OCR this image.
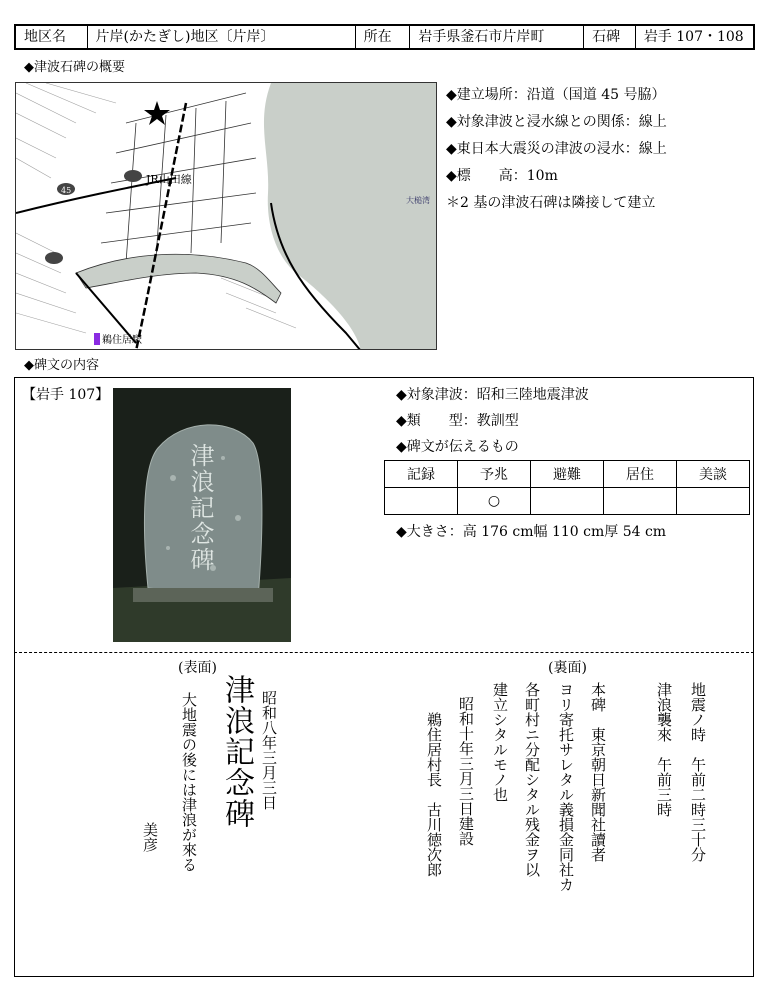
地区名	片岸(かたぎし)地区〔片岸〕	所在	岩手県釜石市片岸町	石碑	岩手 107・108
◆津波石碑の概要
JR山田線
鵜住居駅
大槌湾
45
◆建立場所：沿道（国道 45 号脇）
◆対象津波と浸水線との関係：線上
◆東日本大震災の津波の浸水：線上
◆標　　高：10m
＊2 基の津波石碑は隣接して建立
◆碑文の内容
【岩手 107】
津浪記念碑
◆対象津波：昭和三陸地震津波
◆類　　型：教訓型
◆碑文が伝えるもの
記録	予兆	避難	居住	美談
	○			
◆大きさ：高 176 cm幅 110 cm厚 54 cm
(表面)
昭和八年三月三日
津浪記念碑
大地震の後には津浪が來る
美彦
(裏面)
地震ノ時　午前二時三十分
津浪襲來　午前三時
本碑　東京朝日新聞社讀者
ヨリ寄托サレタル義損金同社カ
各町村ニ分配シタル残金ヲ以
建立シタルモノ也
昭和十年三月三日建設
鵜住居村長　古川徳次郎
